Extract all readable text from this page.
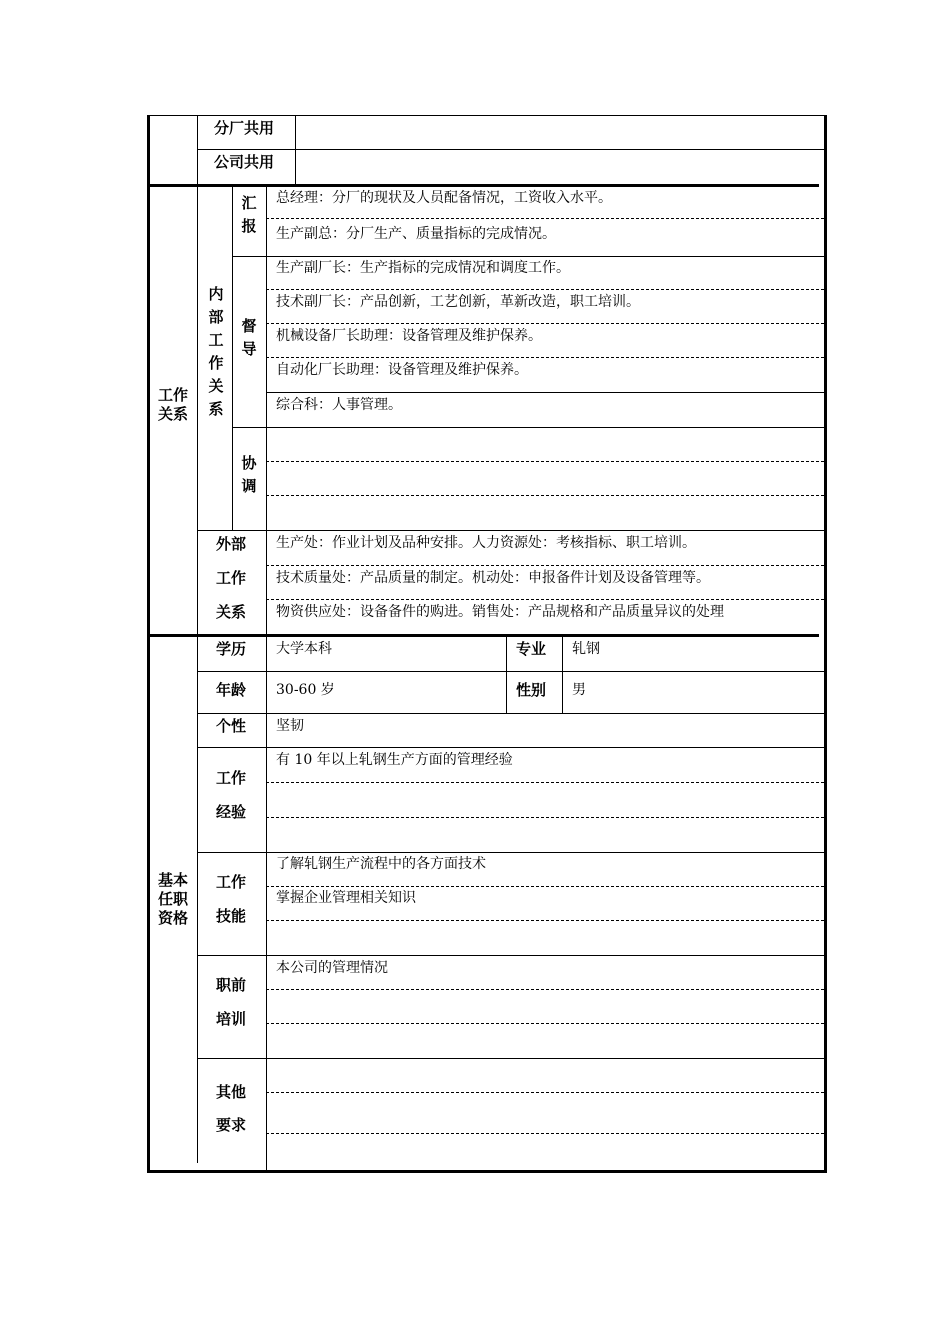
分厂共用
公司共用
工作关系
内部工作关系
汇报
总经理：分厂的现状及人员配备情况，工资收入水平。
生产副总：分厂生产、质量指标的完成情况。
督导
生产副厂长：生产指标的完成情况和调度工作。
技术副厂长：产品创新，工艺创新，革新改造，职工培训。
机械设备厂长助理：设备管理及维护保养。
自动化厂长助理：设备管理及维护保养。
综合科：人事管理。
协调
外部
工作
关系
生产处：作业计划及品种安排。人力资源处：考核指标、职工培训。
技术质量处：产品质量的制定。机动处：申报备件计划及设备管理等。
物资供应处：设备备件的购进。销售处：产品规格和产品质量异议的处理
基本任职资格
学历 大学本科	专业 轧钢
年龄 30-60 岁	性别 男
个性 坚韧
工作
经验
有 10 年以上轧钢生产方面的管理经验
工作
技能
了解轧钢生产流程中的各方面技术
掌握企业管理相关知识
职前
培训
本公司的管理情况
其他
要求
